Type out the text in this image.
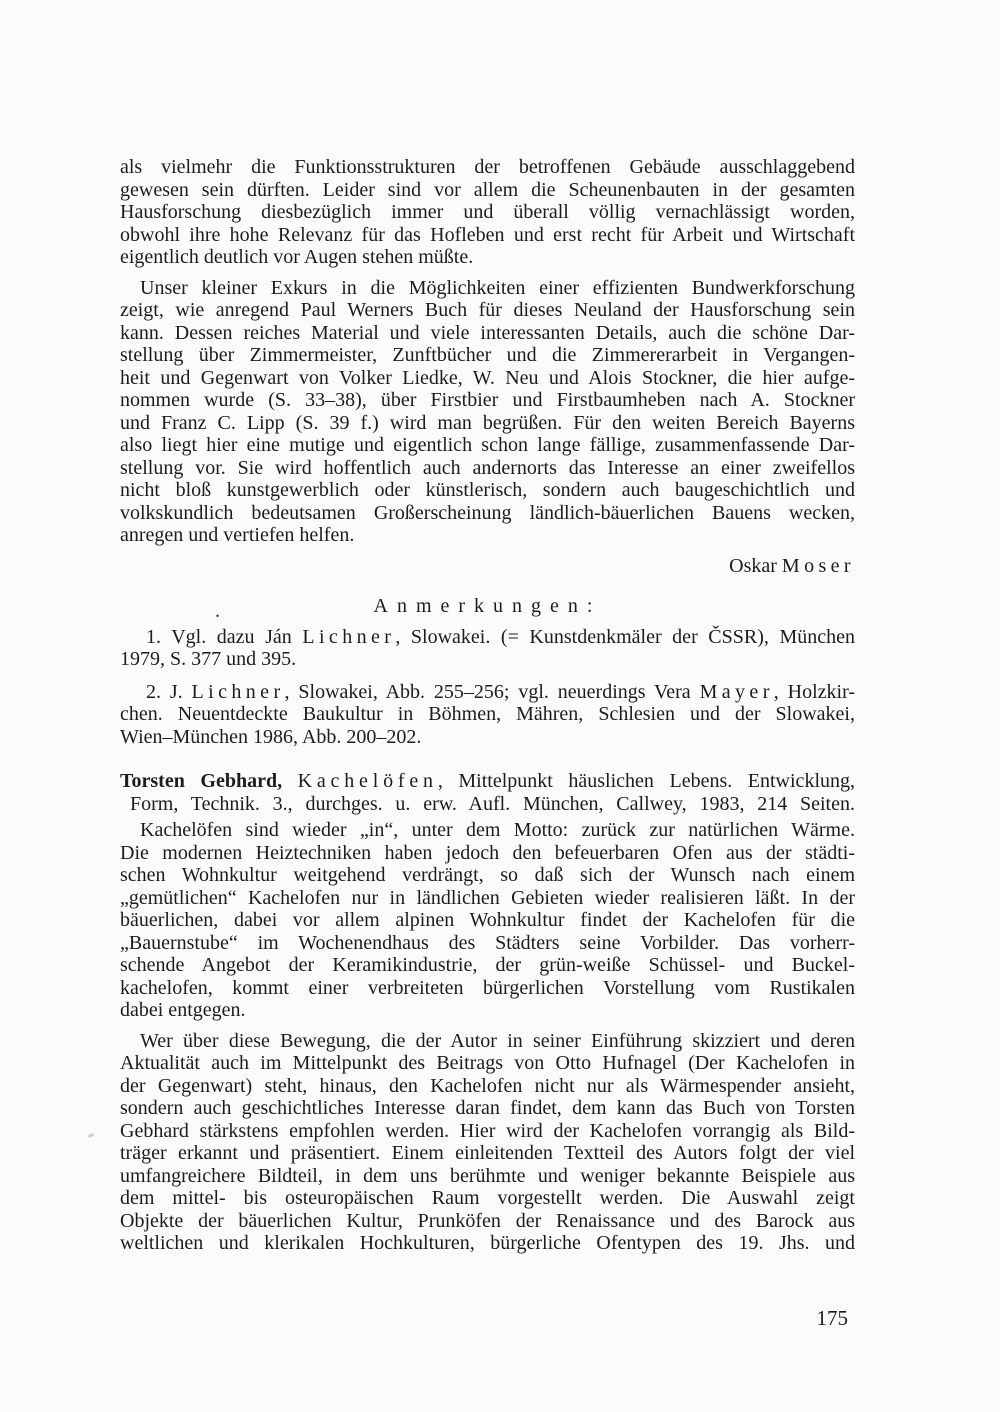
als vielmehr die Funktionsstrukturen der betroffenen Gebäude ausschlaggebend
gewesen sein dürften. Leider sind vor allem die Scheunenbauten in der gesamten
Hausforschung diesbezüglich immer und überall völlig vernachlässigt worden,
obwohl ihre hohe Relevanz für das Hofleben und erst recht für Arbeit und Wirtschaft
eigentlich deutlich vor Augen stehen müßte.
Unser kleiner Exkurs in die Möglichkeiten einer effizienten Bundwerkforschung
zeigt, wie anregend Paul Werners Buch für dieses Neuland der Hausforschung sein
kann. Dessen reiches Material und viele interessanten Details, auch die schöne Dar-
stellung über Zimmermeister, Zunftbücher und die Zimmererarbeit in Vergangen-
heit und Gegenwart von Volker Liedke, W. Neu und Alois Stockner, die hier aufge-
nommen wurde (S. 33–38), über Firstbier und Firstbaumheben nach A. Stockner
und Franz C. Lipp (S. 39 f.) wird man begrüßen. Für den weiten Bereich Bayerns
also liegt hier eine mutige und eigentlich schon lange fällige, zusammenfassende Dar-
stellung vor. Sie wird hoffentlich auch andernorts das Interesse an einer zweifellos
nicht bloß kunstgewerblich oder künstlerisch, sondern auch baugeschichtlich und
volkskundlich bedeutsamen Großerscheinung ländlich-bäuerlichen Bauens wecken,
anregen und vertiefen helfen.
Oskar Moser
Anmerkungen:
1. Vgl. dazu Ján Lichner, Slowakei. (= Kunstdenkmäler der ČSSR), München
1979, S. 377 und 395.
2. J. Lichner, Slowakei, Abb. 255–256; vgl. neuerdings Vera Mayer, Holzkir-
chen. Neuentdeckte Baukultur in Böhmen, Mähren, Schlesien und der Slowakei,
Wien–München 1986, Abb. 200–202.
Torsten Gebhard, Kachelöfen, Mittelpunkt häuslichen Lebens. Entwicklung,
Form, Technik. 3., durchges. u. erw. Aufl. München, Callwey, 1983, 214 Seiten.
Kachelöfen sind wieder „in“, unter dem Motto: zurück zur natürlichen Wärme.
Die modernen Heiztechniken haben jedoch den befeuerbaren Ofen aus der städti-
schen Wohnkultur weitgehend verdrängt, so daß sich der Wunsch nach einem
„gemütlichen“ Kachelofen nur in ländlichen Gebieten wieder realisieren läßt. In der
bäuerlichen, dabei vor allem alpinen Wohnkultur findet der Kachelofen für die
„Bauernstube“ im Wochenendhaus des Städters seine Vorbilder. Das vorherr-
schende Angebot der Keramikindustrie, der grün-weiße Schüssel- und Buckel-
kachelofen, kommt einer verbreiteten bürgerlichen Vorstellung vom Rustikalen
dabei entgegen.
Wer über diese Bewegung, die der Autor in seiner Einführung skizziert und deren
Aktualität auch im Mittelpunkt des Beitrags von Otto Hufnagel (Der Kachelofen in
der Gegenwart) steht, hinaus, den Kachelofen nicht nur als Wärmespender ansieht,
sondern auch geschichtliches Interesse daran findet, dem kann das Buch von Torsten
Gebhard stärkstens empfohlen werden. Hier wird der Kachelofen vorrangig als Bild-
träger erkannt und präsentiert. Einem einleitenden Textteil des Autors folgt der viel
umfangreichere Bildteil, in dem uns berühmte und weniger bekannte Beispiele aus
dem mittel- bis osteuropäischen Raum vorgestellt werden. Die Auswahl zeigt
Objekte der bäuerlichen Kultur, Prunköfen der Renaissance und des Barock aus
weltlichen und klerikalen Hochkulturen, bürgerliche Ofentypen des 19. Jhs. und
175
.
